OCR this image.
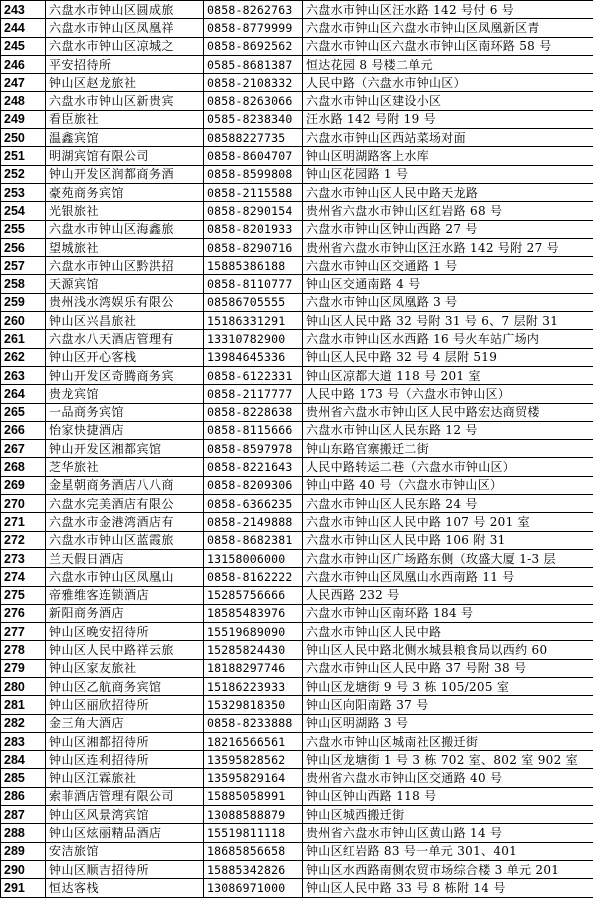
243	六盘水市钟山区圆成旅	0858-8262763	六盘水市钟山区汪水路 142 号付 6 号
244	六盘水市钟山区凤凰祥	0858-8779999	六盘水市钟山区六盘水市钟山区凤凰新区青
245	六盘水市钟山区凉城之	0858-8692562	六盘水市钟山区六盘水市钟山区南环路 58 号
246	平安招待所	0585-8681387	恒达花园 8 号楼二单元
247	钟山区赵龙旅社	0858-2108332	人民中路（六盘水市钟山区）
248	六盘水市钟山区新贵宾	0858-8263066	六盘水市钟山区建设小区
249	看臣旅社	0585-8238340	汪水路 142 号附 19 号
250	温鑫宾馆	08588227735	六盘水市钟山区西站菜场对面
251	明湖宾馆有限公司	0858-8604707	钟山区明湖路客上水库
252	钟山开发区润都商务酒	0858-8599808	钟山区花园路 1 号
253	豪苑商务宾馆	0858-2115588	六盘水市钟山区人民中路天龙路
254	光银旅社	0858-8290154	贵州省六盘水市钟山区红岩路 68 号
255	六盘水市钟山区海鑫旅	0858-8201933	六盘水市钟山区钟山西路 27 号
256	望城旅社	0858-8290716	贵州省六盘水市钟山区汪水路 142 号附 27 号
257	六盘水市钟山区黔洪招	15885386188	六盘水市钟山区交通路 1 号
258	天源宾馆	0858-8110777	钟山区交通南路 4 号
259	贵州浅水湾娱乐有限公	08586705555	六盘水市钟山区凤凰路 3 号
260	钟山区兴昌旅社	15186331291	钟山区人民中路 32 号附 31 号 6、7 层附 31
261	六盘水八天酒店管理有	13310782900	六盘水市钟山区水西路 16 号火车站广场内
262	钟山区开心客栈	13984645336	钟山区人民中路 32 号 4 层附 519
263	钟山开发区奇腾商务宾	0858-6122331	钟山区凉都大道 118 号 201 室
264	贵龙宾馆	0858-2117777	人民中路 173 号（六盘水市钟山区）
265	一品商务宾馆	0858-8228638	贵州省六盘水市钟山区人民中路宏达商贸楼
266	怡家快捷酒店	0858-8115666	六盘水市钟山区人民东路 12 号
267	钟山开发区湘都宾馆	0858-8597978	钟山东路官寨搬迁二街
268	芝华旅社	0858-8221643	人民中路转运二巷（六盘水市钟山区）
269	金星朝商务酒店八八商	0858-8209306	钟山中路 40 号（六盘水市钟山区）
270	六盘水完美酒店有限公	0858-6366235	六盘水市钟山区人民东路 24 号
271	六盘水市金港湾酒店有	0858-2149888	六盘水市钟山区人民中路 107 号 201 室
272	六盘水市钟山区蓝霞旅	0858-8682381	六盘水市钟山区人民中路 106 附 31
273	兰天假日酒店	13158006000	六盘水市钟山区广场路东侧（玫盛大厦 1-3 层
274	六盘水市钟山区凤凰山	0858-8162222	六盘水市钟山区凤凰山水西南路 11 号
275	帝雅维客连锁酒店	15285756666	人民西路 232 号
276	新阳商务酒店	18585483976	六盘水市钟山区南环路 184 号
277	钟山区晚安招待所	15519689090	六盘水市钟山区人民中路
278	钟山区人民中路祥云旅	15285824430	钟山区人民中路北侧水城县粮食局以西约 60
279	钟山区家友旅社	18188297746	六盘水市钟山区人民中路 37 号附 38 号
280	钟山区乙航商务宾馆	15186223933	钟山区龙塘街 9 号 3 栋 105/205 室
281	钟山区丽欣招待所	15329818350	钟山区向阳南路 37 号
282	金三角大酒店	0858-8233888	钟山区明湖路 3 号
283	钟山区湘都招待所	18216566561	六盘水市钟山区城南社区搬迁街
284	钟山区连利招待所	13595828562	钟山区龙塘街 1 号 3 栋 702 室、802 室 902 室
285	钟山区江霖旅社	13595829164	贵州省六盘水市钟山区交通路 40 号
286	索菲酒店管理有限公司	15885058991	钟山区钟山西路 118 号
287	钟山区风景湾宾馆	13088588879	钟山区城西搬迁街
288	钟山区炫丽精品酒店	15519811118	贵州省六盘水市钟山区黄山路 14 号
289	安洁旅馆	18685856658	钟山区红岩路 83 号一单元 301、401
290	钟山区顺吉招待所	15885342826	钟山区水西路南侧农贸市场综合楼 3 单元 201
291	恒达客栈	13086971000	钟山区人民中路 33 号 8 栋附 14 号
